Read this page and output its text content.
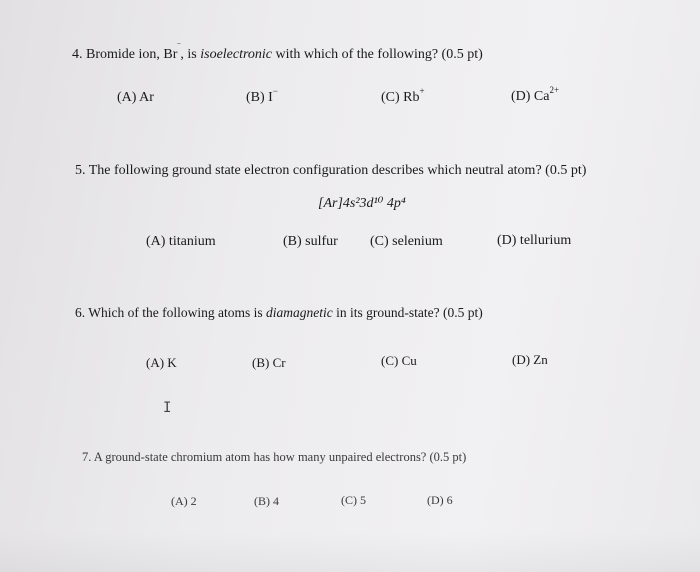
4. Bromide ion, Br‾, is isoelectronic with which of the following? (0.5 pt)
(A) Ar	(B) I−	(C) Rb+	(D) $Ca^{2+}$
5. The following ground state electron configuration describes which neutral atom? (0.5 pt)
[Ar]4s²3d¹⁰ 4p⁴
(A) titanium	(B) sulfur (C) selenium	(D) tellurium
6. Which of the following atoms is diamagnetic in its ground-state? (0.5 pt)
(A) K	(B) Cr	(C) Cu	(D) Zn
I
7. A ground-state chromium atom has how many unpaired electrons? (0.5 pt)
(A) 2	(B) 4	(C) 5	(D) 6
